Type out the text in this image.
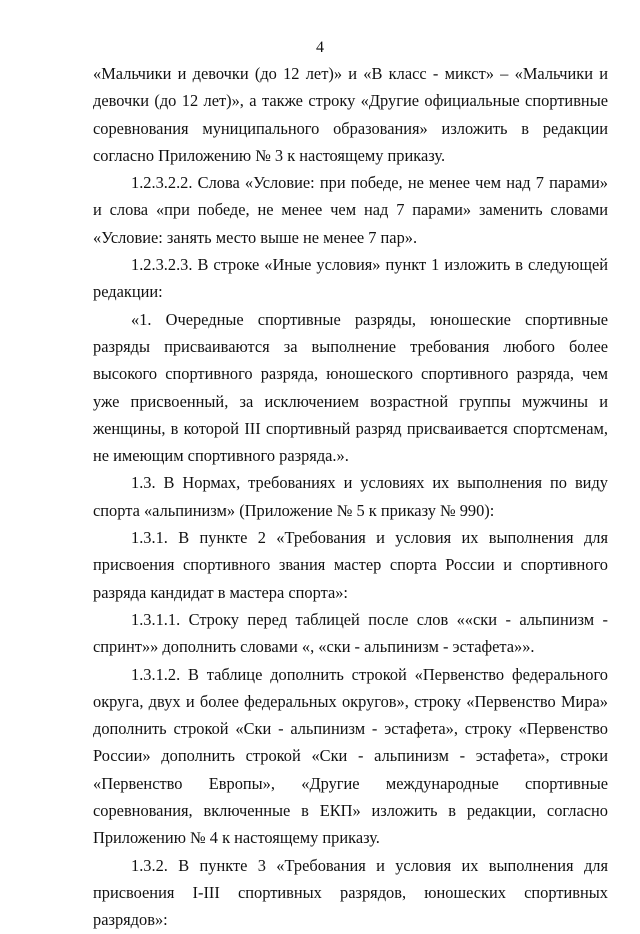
4

«Мальчики и девочки (до 12 лет)» и «В класс - микст» – «Мальчики и девочки (до 12 лет)», а также строку «Другие официальные спортивные соревнования муниципального образования» изложить в редакции согласно Приложению № 3 к настоящему приказу.

1.2.3.2.2. Слова «Условие: при победе, не менее чем над 7 парами» и слова «при победе, не менее чем над 7 парами» заменить словами «Условие: занять место выше не менее 7 пар».

1.2.3.2.3. В строке «Иные условия» пункт 1 изложить в следующей редакции:

«1. Очередные спортивные разряды, юношеские спортивные разряды присваиваются за выполнение требования любого более высокого спортивного разряда, юношеского спортивного разряда, чем уже присвоенный, за исключением возрастной группы мужчины и женщины, в которой III спортивный разряд присваивается спортсменам, не имеющим спортивного разряда.».

1.3. В Нормах, требованиях и условиях их выполнения по виду спорта «альпинизм» (Приложение № 5 к приказу № 990):

1.3.1. В пункте 2 «Требования и условия их выполнения для присвоения спортивного звания мастер спорта России и спортивного разряда кандидат в мастера спорта»:

1.3.1.1. Строку перед таблицей после слов ««ски - альпинизм - спринт»» дополнить словами «, «ски - альпинизм - эстафета»».

1.3.1.2. В таблице дополнить строкой «Первенство федерального округа, двух и более федеральных округов», строку «Первенство Мира» дополнить строкой «Ски - альпинизм - эстафета», строку «Первенство России» дополнить строкой «Ски - альпинизм - эстафета», строки «Первенство Европы», «Другие международные спортивные соревнования, включенные в ЕКП» изложить в редакции, согласно Приложению № 4 к настоящему приказу.

1.3.2. В пункте 3 «Требования и условия их выполнения для присвоения I-III спортивных разрядов, юношеских спортивных разрядов»:
